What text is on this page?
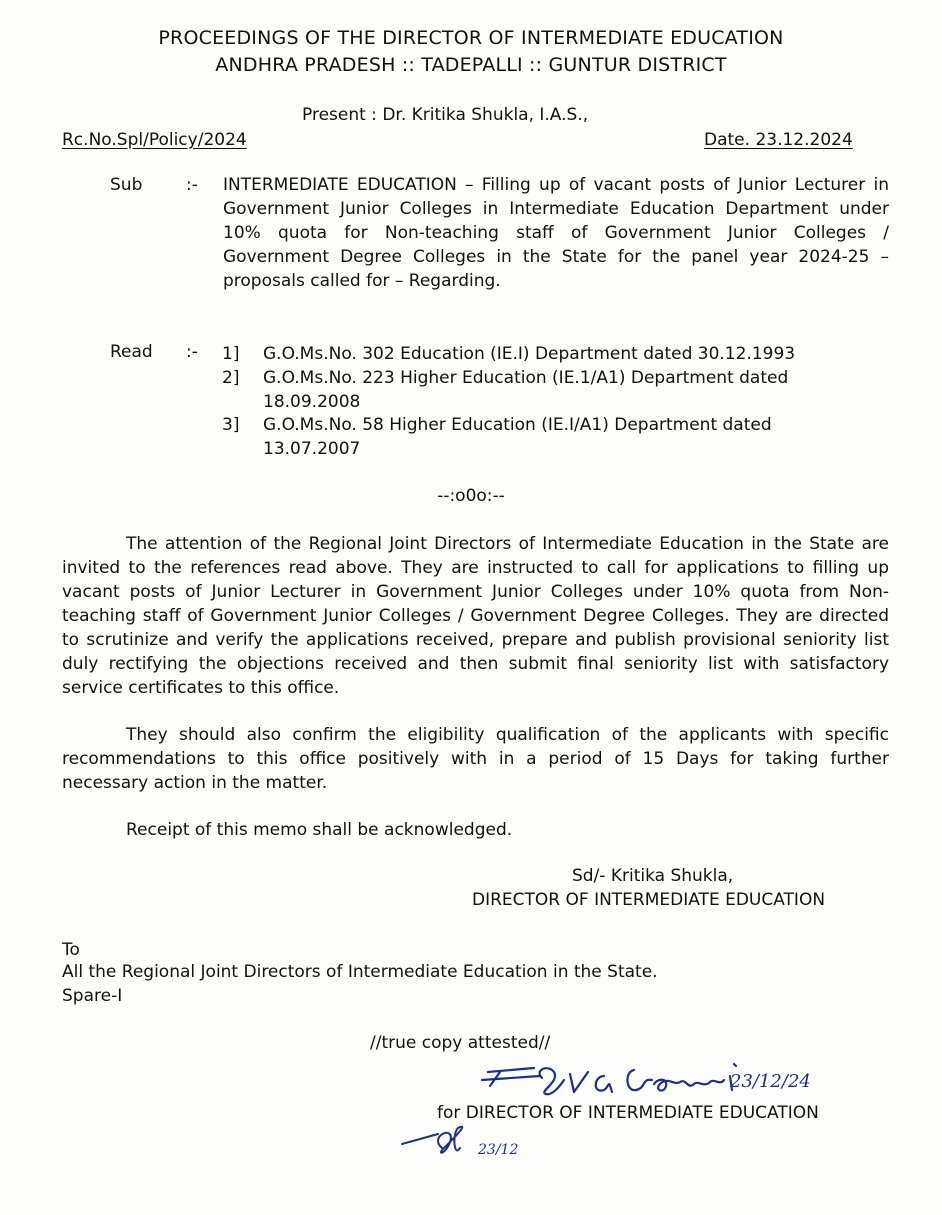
PROCEEDINGS OF THE DIRECTOR OF INTERMEDIATE EDUCATION
ANDHRA PRADESH :: TADEPALLI :: GUNTUR DISTRICT
Present : Dr. Kritika Shukla, I.A.S.,
Rc.No.Spl/Policy/2024	Date. 23.12.2024
Sub	:- INTERMEDIATE EDUCATION – Filling up of vacant posts of Junior Lecturer in Government Junior Colleges in Intermediate Education Department under 10% quota for Non-teaching staff of Government Junior Colleges / Government Degree Colleges in the State for the panel year 2024-25 – proposals called for – Regarding.
Read :- 1] G.O.Ms.No. 302 Education (IE.I) Department dated 30.12.1993
2] G.O.Ms.No. 223 Higher Education (IE.1/A1) Department dated 18.09.2008
3] G.O.Ms.No. 58 Higher Education (IE.I/A1) Department dated 13.07.2007
--:o0o:--
The attention of the Regional Joint Directors of Intermediate Education in the State are invited to the references read above. They are instructed to call for applications to filling up vacant posts of Junior Lecturer in Government Junior Colleges under 10% quota from Non-teaching staff of Government Junior Colleges / Government Degree Colleges. They are directed to scrutinize and verify the applications received, prepare and publish provisional seniority list duly rectifying the objections received and then submit final seniority list with satisfactory service certificates to this office.
They should also confirm the eligibility qualification of the applicants with specific recommendations to this office positively with in a period of 15 Days for taking further necessary action in the matter.
Receipt of this memo shall be acknowledged.
Sd/- Kritika Shukla,
DIRECTOR OF INTERMEDIATE EDUCATION
To
All the Regional Joint Directors of Intermediate Education in the State.
Spare-I
//true copy attested//
23/12/24
for DIRECTOR OF INTERMEDIATE EDUCATION
23/12
